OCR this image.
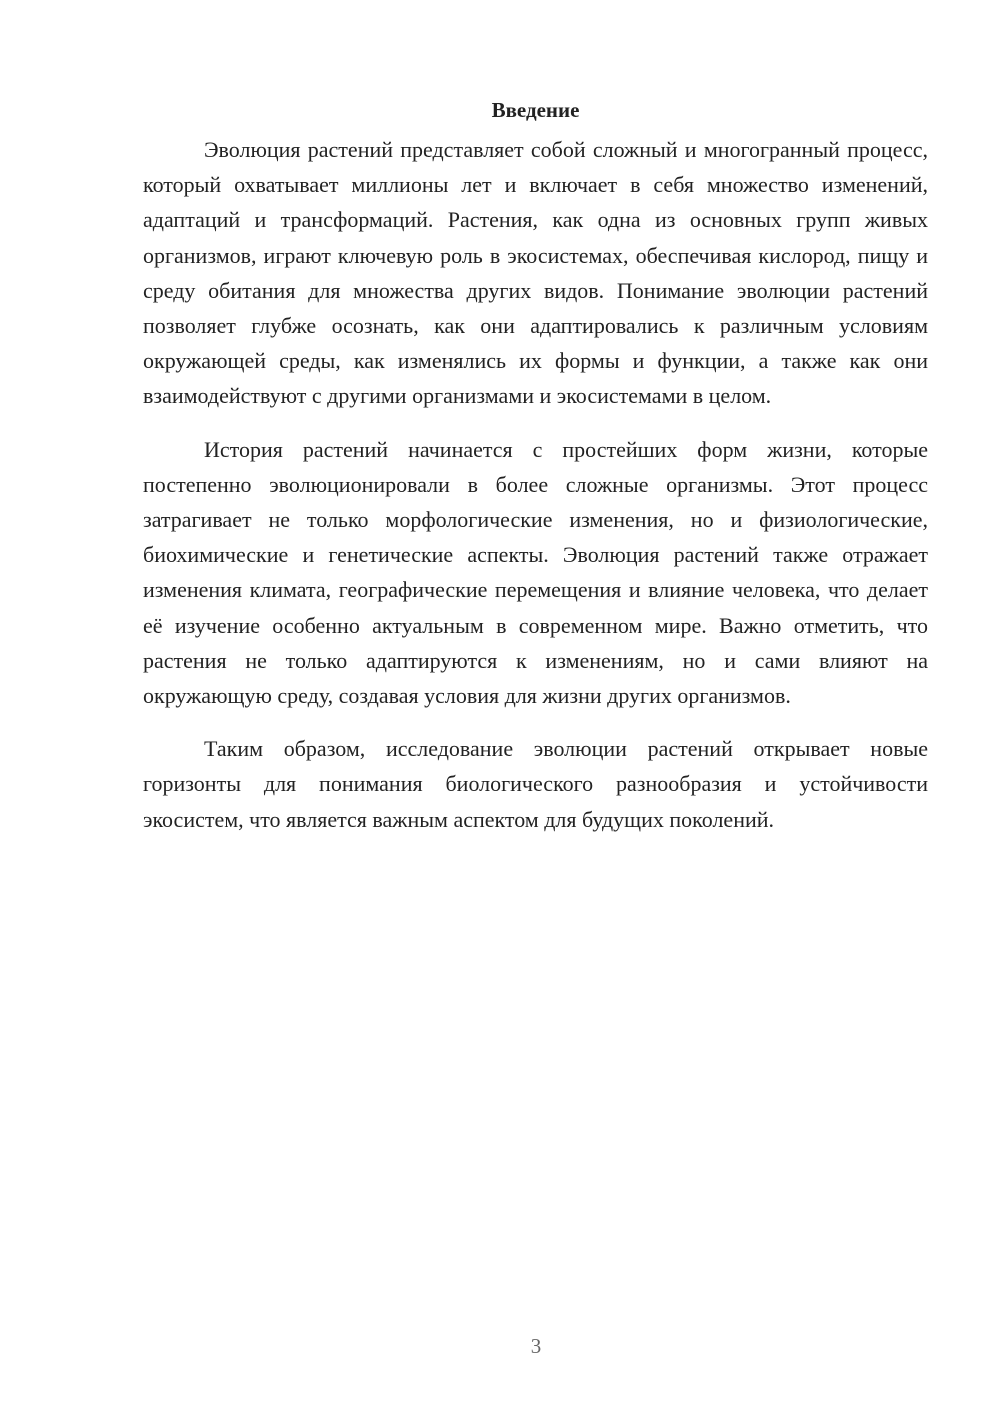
Введение

Эволюция растений представляет собой сложный и многогранный процесс, который охватывает миллионы лет и включает в себя множество изменений, адаптаций и трансформаций. Растения, как одна из основных групп живых организмов, играют ключевую роль в экосистемах, обеспечивая кислород, пищу и среду обитания для множества других видов. Понимание эволюции растений позволяет глубже осознать, как они адаптировались к различным условиям окружающей среды, как изменялись их формы и функции, а также как они взаимодействуют с другими организмами и экосистемами в целом.

История растений начинается с простейших форм жизни, которые постепенно эволюционировали в более сложные организмы. Этот процесс затрагивает не только морфологические изменения, но и физиологические, биохимические и генетические аспекты. Эволюция растений также отражает изменения климата, географические перемещения и влияние человека, что делает её изучение особенно актуальным в современном мире. Важно отметить, что растения не только адаптируются к изменениям, но и сами влияют на окружающую среду, создавая условия для жизни других организмов.

Таким образом, исследование эволюции растений открывает новые горизонты для понимания биологического разнообразия и устойчивости экосистем, что является важным аспектом для будущих поколений.

3
